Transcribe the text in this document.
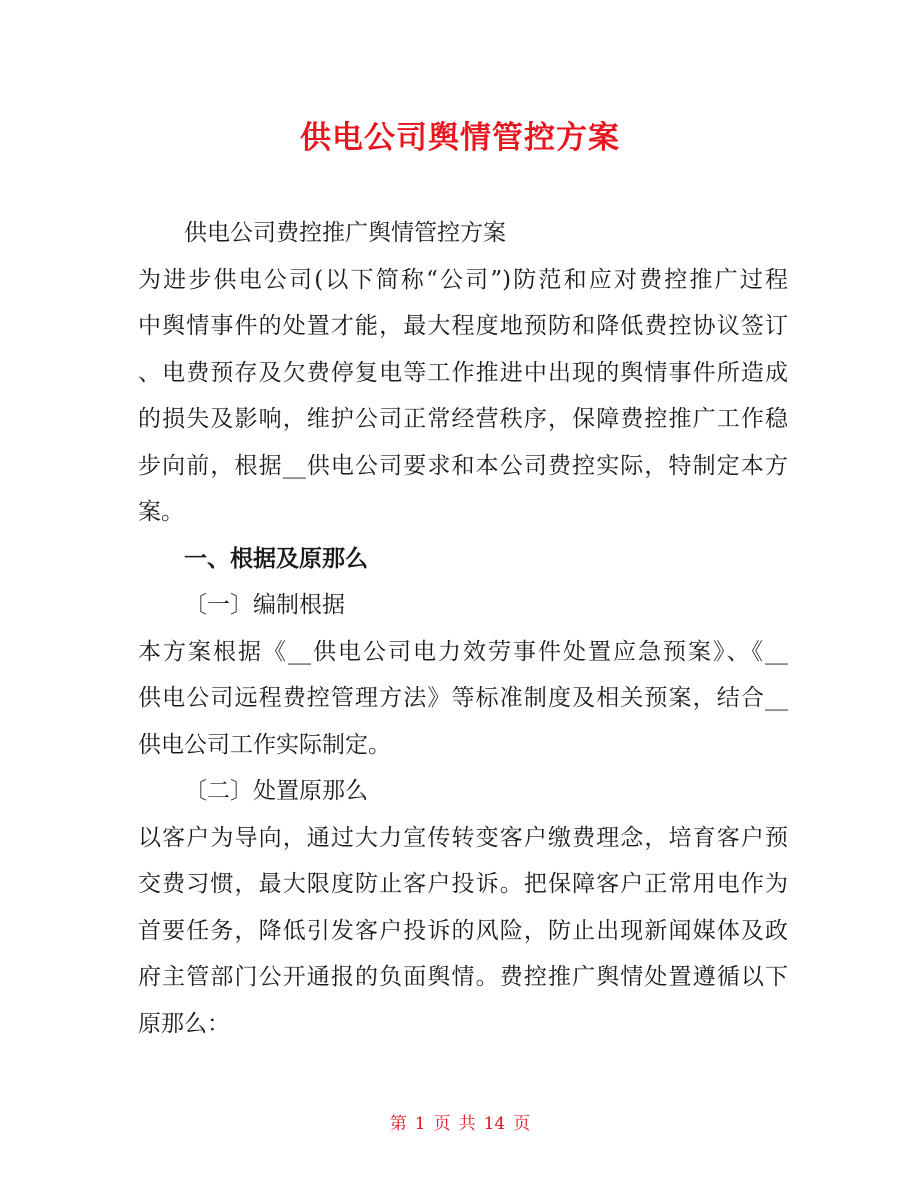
供电公司舆情管控方案
供电公司费控推广舆情管控方案
为进步供电公司(以下简称“公司”)防范和应对费控推广过程
中舆情事件的处置才能，最大程度地预防和降低费控协议签订
、电费预存及欠费停复电等工作推进中出现的舆情事件所造成
的损失及影响，维护公司正常经营秩序，保障费控推广工作稳
步向前，根据__供电公司要求和本公司费控实际，特制定本方
案。
一、根据及原那么
〔一〕编制根据
本方案根据《__供电公司电力效劳事件处置应急预案》、《__
供电公司远程费控管理方法》等标准制度及相关预案，结合__
供电公司工作实际制定。
〔二〕处置原那么
以客户为导向，通过大力宣传转变客户缴费理念，培育客户预
交费习惯，最大限度防止客户投诉。把保障客户正常用电作为
首要任务，降低引发客户投诉的风险，防止出现新闻媒体及政
府主管部门公开通报的负面舆情。费控推广舆情处置遵循以下
原那么：
第 1 页 共 14 页
